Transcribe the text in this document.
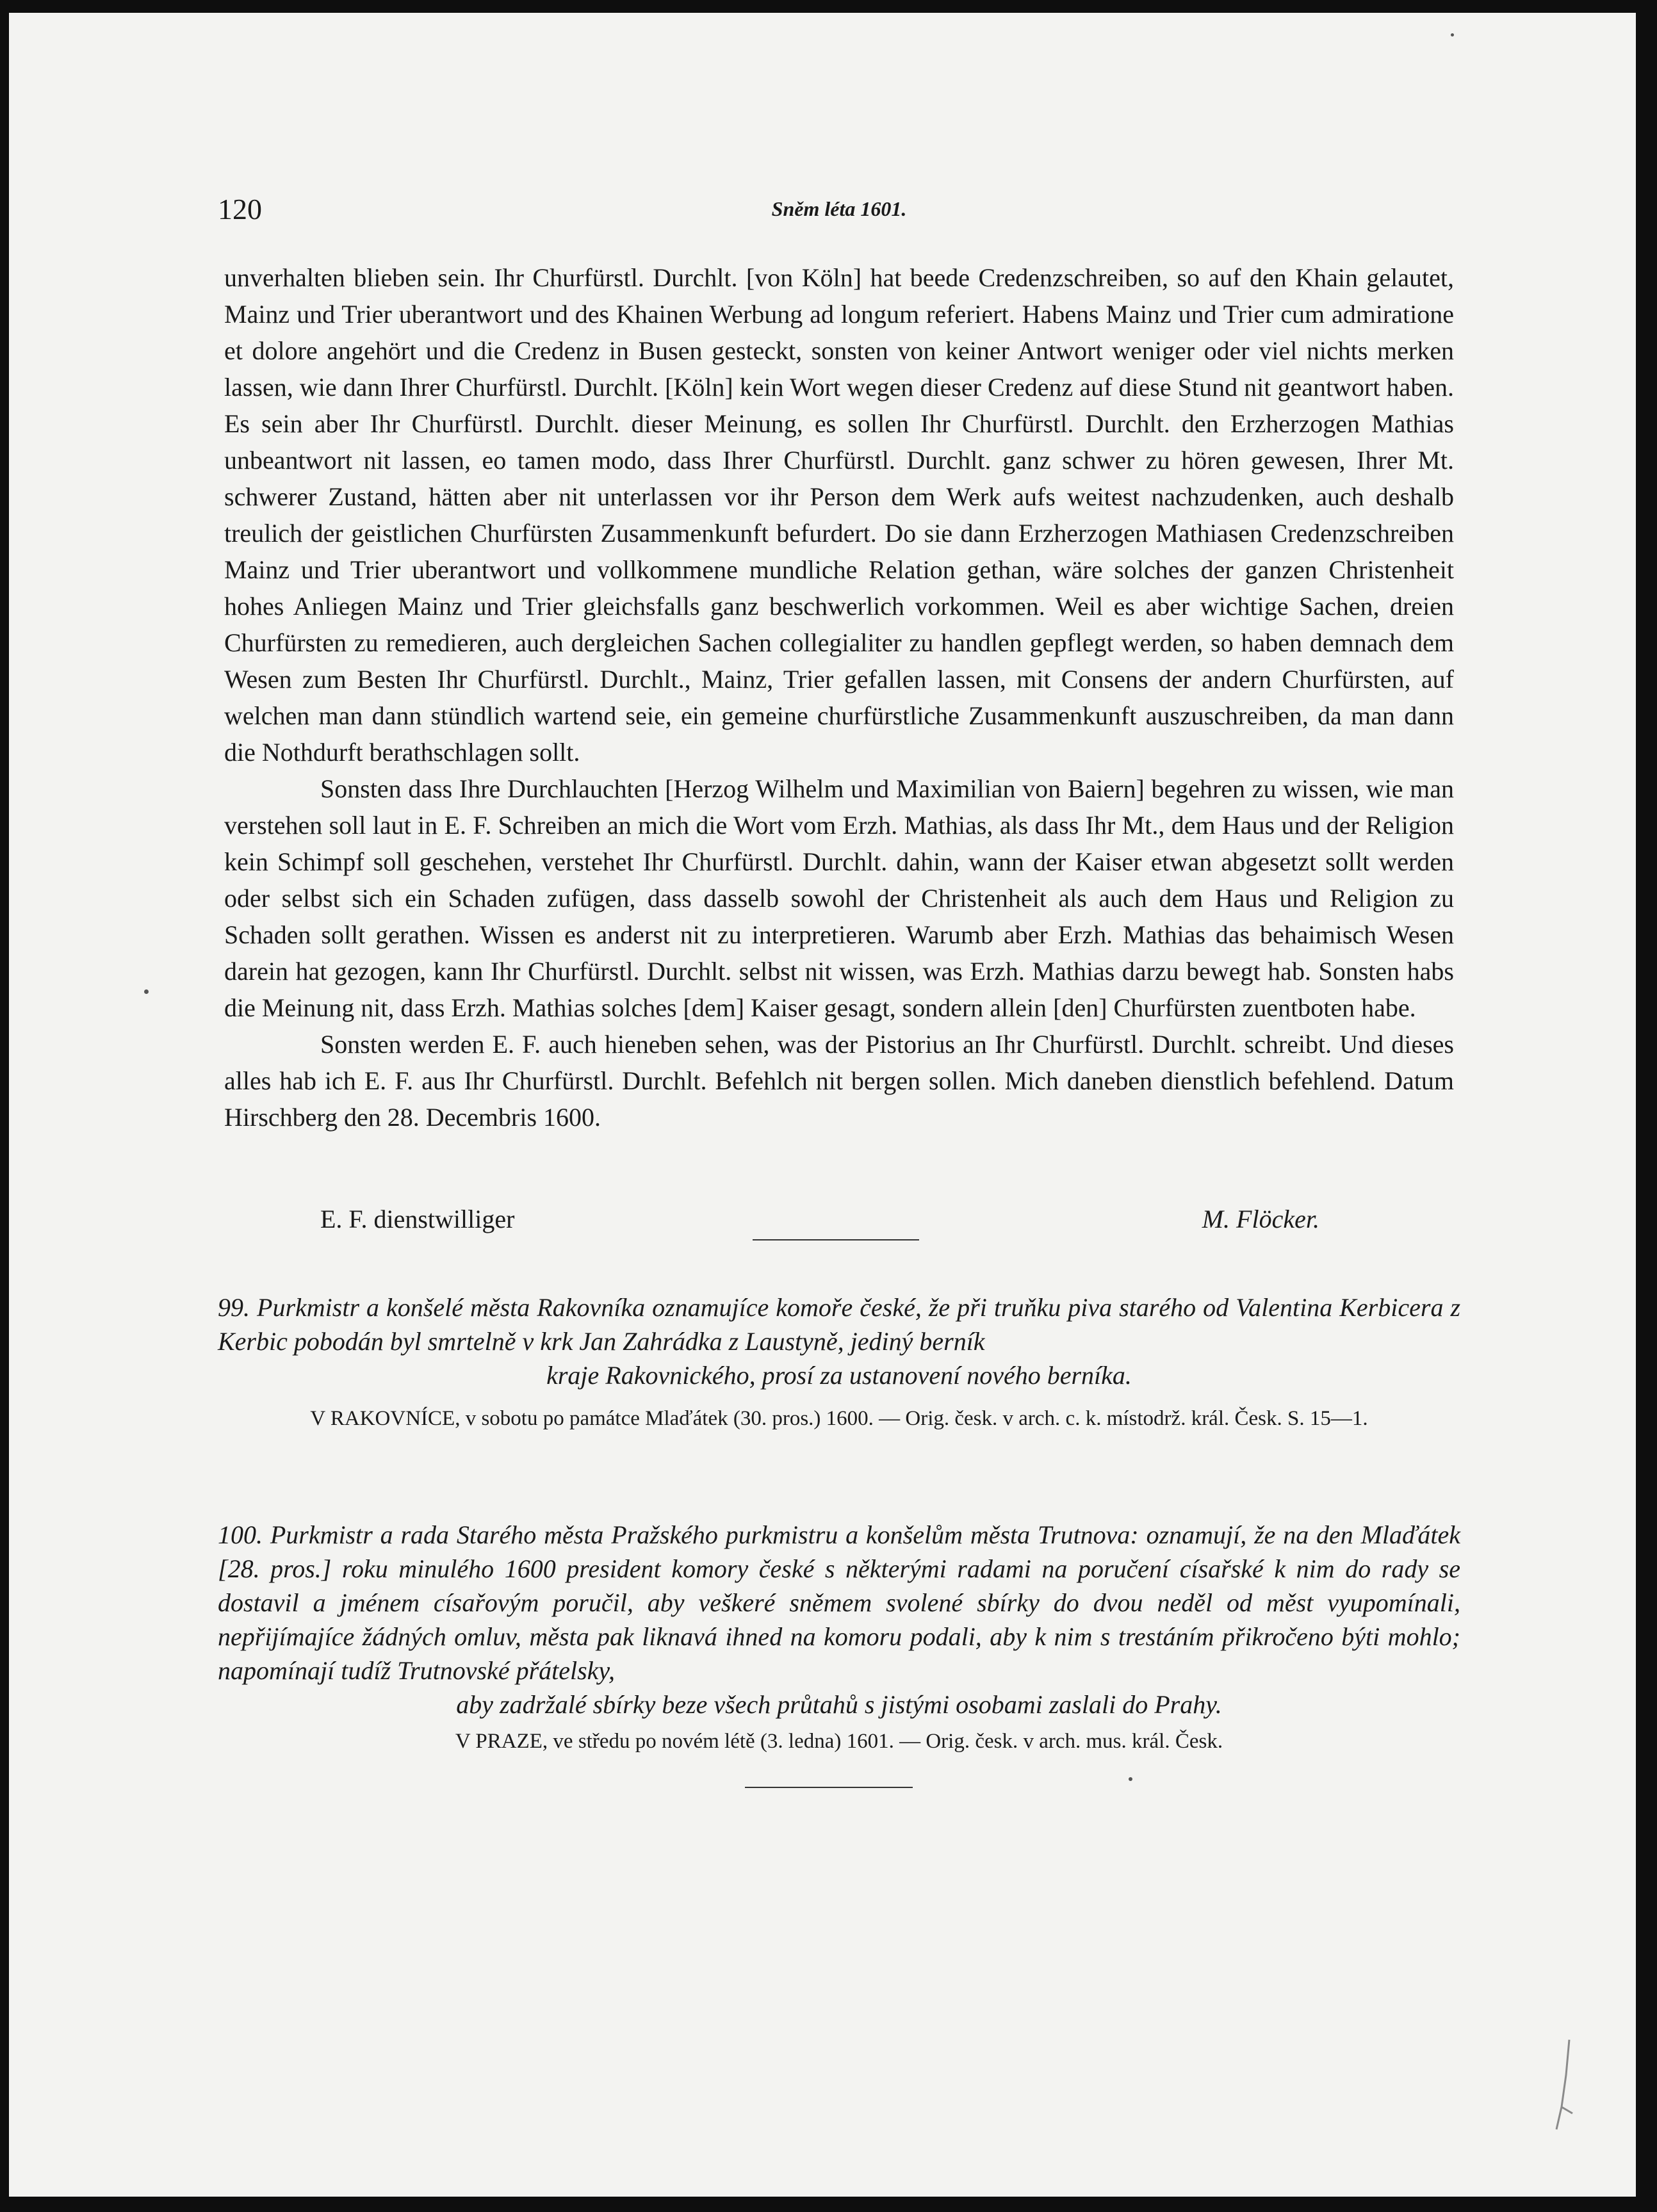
120	Sněm léta 1601.

unverhalten blieben sein. Ihr Churfürstl. Durchlt. [von Köln] hat beede Credenzschreiben, so auf den Khain gelautet, Mainz und Trier uberantwort und des Khainen Werbung ad longum referiert. Habens Mainz und Trier cum admiratione et dolore angehört und die Credenz in Busen gesteckt, sonsten von keiner Antwort weniger oder viel nichts merken lassen, wie dann Ihrer Churfürstl. Durchlt. [Köln] kein Wort wegen dieser Credenz auf diese Stund nit geantwort haben. Es sein aber Ihr Churfürstl. Durchlt. dieser Meinung, es sollen Ihr Churfürstl. Durchlt. den Erzherzogen Mathias unbeantwort nit lassen, eo tamen modo, dass Ihrer Churfürstl. Durchlt. ganz schwer zu hören gewesen, Ihrer Mt. schwerer Zustand, hätten aber nit unterlassen vor ihr Person dem Werk aufs weitest nachzudenken, auch deshalb treulich der geistlichen Churfürsten Zusammenkunft befurdert. Do sie dann Erzherzogen Mathiasen Credenzschreiben Mainz und Trier uberantwort und vollkommene mundliche Relation gethan, wäre solches der ganzen Christenheit hohes Anliegen Mainz und Trier gleichsfalls ganz beschwerlich vorkommen. Weil es aber wichtige Sachen, dreien Churfürsten zu remedieren, auch dergleichen Sachen collegialiter zu handlen gepflegt werden, so haben demnach dem Wesen zum Besten Ihr Churfürstl. Durchlt., Mainz, Trier gefallen lassen, mit Consens der andern Churfürsten, auf welchen man dann stündlich wartend seie, ein gemeine churfürstliche Zusammenkunft auszuschreiben, da man dann die Nothdurft berathschlagen sollt.

Sonsten dass Ihre Durchlauchten [Herzog Wilhelm und Maximilian von Baiern] begehren zu wissen, wie man verstehen soll laut in E. F. Schreiben an mich die Wort vom Erzh. Mathias, als dass Ihr Mt., dem Haus und der Religion kein Schimpf soll geschehen, verstehet Ihr Churfürstl. Durchlt. dahin, wann der Kaiser etwan abgesetzt sollt werden oder selbst sich ein Schaden zufügen, dass dasselb sowohl der Christenheit als auch dem Haus und Religion zu Schaden sollt gerathen. Wissen es anderst nit zu interpretieren. Warumb aber Erzh. Mathias das behaimisch Wesen darein hat gezogen, kann Ihr Churfürstl. Durchlt. selbst nit wissen, was Erzh. Mathias darzu bewegt hab. Sonsten habs die Meinung nit, dass Erzh. Mathias solches [dem] Kaiser gesagt, sondern allein [den] Churfürsten zuentboten habe.

Sonsten werden E. F. auch hieneben sehen, was der Pistorius an Ihr Churfürstl. Durchlt. schreibt. Und dieses alles hab ich E. F. aus Ihr Churfürstl. Durchlt. Befehlch nit bergen sollen. Mich daneben dienstlich befehlend. Datum Hirschberg den 28. Decembris 1600.

E. F. dienstwilliger	M. Flöcker.
99. Purkmistr a konšelé města Rakovníka oznamujíce komoře české, že při truňku piva starého od Valentina Kerbicera z Kerbic pobodán byl smrtelně v krk Jan Zahrádka z Laustyně, jediný berník
kraje Rakovnického, prosí za ustanovení nového berníka.
V RAKOVNÍCE, v sobotu po památce Mlaďátek (30. pros.) 1600. — Orig. česk. v arch. c. k. místodrž. král. Česk. S. 15—1.
100. Purkmistr a rada Starého města Pražského purkmistru a konšelům města Trutnova: oznamují, že na den Mlaďátek [28. pros.] roku minulého 1600 president komory české s některými radami na poručení císařské k nim do rady se dostavil a jménem císařovým poručil, aby veškeré sněmem svolené sbírky do dvou neděl od měst vyupomínali, nepřijímajíce žádných omluv, města pak liknavá ihned na komoru podali, aby k nim s trestáním přikročeno býti mohlo; napomínají tudíž Trutnovské přátelsky,
aby zadržalé sbírky beze všech průtahů s jistými osobami zaslali do Prahy.
V PRAZE, ve středu po novém létě (3. ledna) 1601. — Orig. česk. v arch. mus. král. Česk.
